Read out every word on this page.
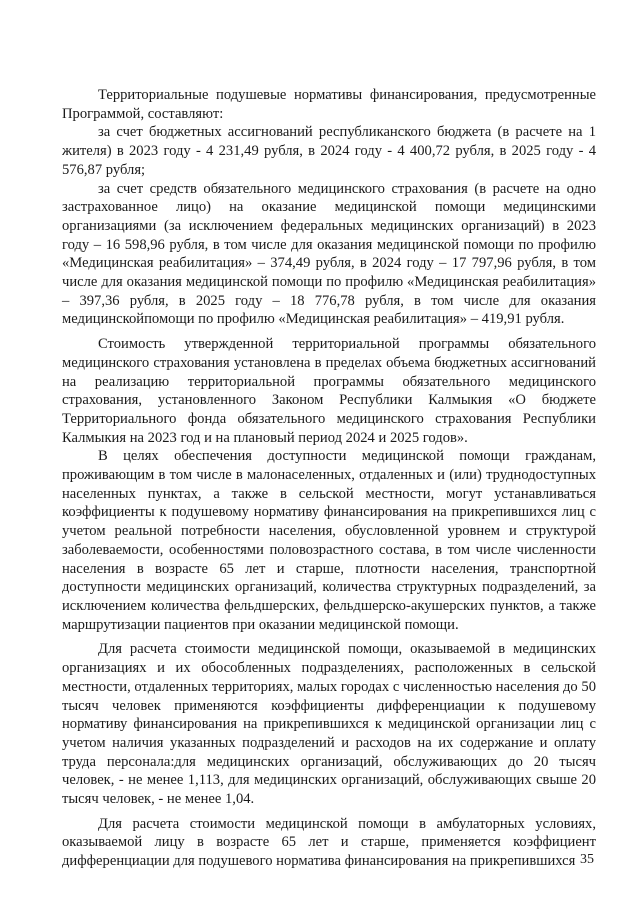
Территориальные подушевые нормативы финансирования, предусмотренные Программой, составляют:

за счет бюджетных ассигнований республиканского бюджета (в расчете на 1 жителя) в 2023 году - 4 231,49 рубля, в 2024 году - 4 400,72 рубля, в 2025 году - 4 576,87 рубля;

за счет средств обязательного медицинского страхования (в расчете на одно застрахованное лицо) на оказание медицинской помощи медицинскими организациями (за исключением федеральных медицинских организаций) в 2023 году – 16 598,96 рубля, в том числе для оказания медицинской помощи по профилю «Медицинская реабилитация» – 374,49 рубля, в 2024 году – 17 797,96 рубля, в том числе для оказания медицинской помощи по профилю «Медицинская реабилитация» – 397,36 рубля, в 2025 году – 18 776,78 рубля, в том числе для оказания медицинскойпомощи по профилю «Медицинская реабилитация» – 419,91 рубля.

Стоимость утвержденной территориальной программы обязательного медицинского страхования установлена в пределах объема бюджетных ассигнований на реализацию территориальной программы обязательного медицинского страхования, установленного Законом Республики Калмыкия «О бюджете Территориального фонда обязательного медицинского страхования Республики Калмыкия на 2023 год и на плановый период 2024 и 2025 годов».

В целях обеспечения доступности медицинской помощи гражданам, проживающим в том числе в малонаселенных, отдаленных и (или) труднодоступных населенных пунктах, а также в сельской местности, могут устанавливаться коэффициенты к подушевому нормативу финансирования на прикрепившихся лиц с учетом реальной потребности населения, обусловленной уровнем и структурой заболеваемости, особенностями половозрастного состава, в том числе численности населения в возрасте 65 лет и старше, плотности населения, транспортной доступности медицинских организаций, количества структурных подразделений, за исключением количества фельдшерских, фельдшерско-акушерских пунктов, а также маршрутизации пациентов при оказании медицинской помощи.

Для расчета стоимости медицинской помощи, оказываемой в медицинских организациях и их обособленных подразделениях, расположенных в сельской местности, отдаленных территориях, малых городах с численностью населения до 50 тысяч человек применяются коэффициенты дифференциации к подушевому нормативу финансирования на прикрепившихся к медицинской организации лиц с учетом наличия указанных подразделений и расходов на их содержание и оплату труда персонала:для медицинских организаций, обслуживающих до 20 тысяч человек, - не менее 1,113, для медицинских организаций, обслуживающих свыше 20 тысяч человек, - не менее 1,04.

Для расчета стоимости медицинской помощи в амбулаторных условиях, оказываемой лицу в возрасте 65 лет и старше, применяется коэффициент дифференциации для подушевого норматива финансирования на прикрепившихся 35
